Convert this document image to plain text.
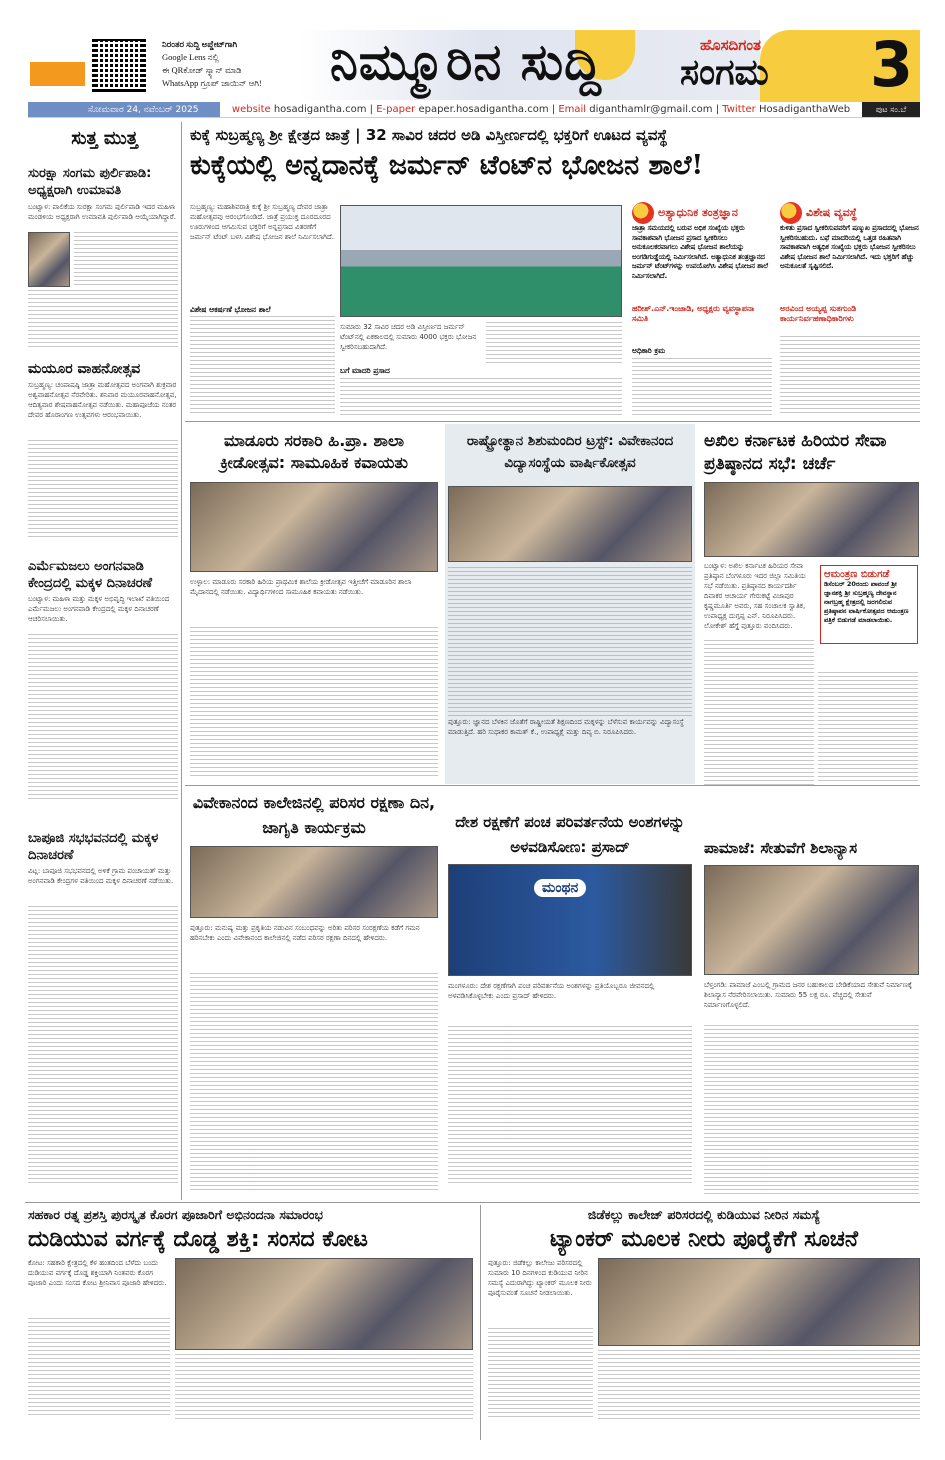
ನಿರಂತರ ಸುದ್ದಿ ಅಪ್ಡೇಟ್‌ಗಾಗಿ
Google Lens ನಲ್ಲಿ
ಈ QRಕೋಡ್ ಸ್ಕ್ಯಾನ್ ಮಾಡಿ
WhatsApp ಗ್ರೂಪ್ ಜಾಯಿನ್ ಆಗಿ!	ನಿಮ್ಮೂರಿನ ಸುದ್ದಿ	ಹೊಸದಿಗಂತ
ಸಂಗಮ 3
ಸೋಮವಾರ 24, ನವೆಂಬರ್ 2025	website hosadigantha.com | E-paper epaper.hosadigantha.com | Email diganthamlr@gmail.com | Twitter HosadiganthaWeb	ಪುಟ ಸಂ.ಬೆ
ಸುತ್ತ ಮುತ್ತ
ಸುರಕ್ಷಾ ಸಂಗಮ ಪುರ್ಲಿಪಾಡಿ: ಅಧ್ಯಕ್ಷರಾಗಿ ಉಮಾವತಿ
ಬಂಟ್ವಾಳ: ಪಾಲಿಕೆಯ ಸುರಕ್ಷಾ ಸಂಗಮ ಪುರ್ಲಿಪಾಡಿ ಇದರ ಮಹಿಳಾ ಮಂಡಳಿಯ ಅಧ್ಯಕ್ಷರಾಗಿ ಉಮಾವತಿ ಪುರ್ಲಿಪಾಡಿ ಆಯ್ಕೆಯಾಗಿದ್ದಾರೆ.
ಮಯೂರ ವಾಹನೋತ್ಸವ
ಸುಬ್ರಹ್ಮಣ್ಯ: ಚಂಪಾಷಷ್ಠಿ ಜಾತ್ರಾ ಮಹೋತ್ಸವದ ಅಂಗವಾಗಿ ಶುಕ್ರವಾರ ಅಶ್ವವಾಹನೋತ್ಸವ ನೆರವೇರಿತು. ಶನಿವಾರ ಮಯೂರವಾಹನೋತ್ಸವ, ಆದಿತ್ಯವಾರ ಶೇಷವಾಹನೋತ್ಸವ ನಡೆಯಿತು. ಮಹಾಪೂಜೆಯ ನಂತರ ದೇವರ ಹೊರಾಂಗಣ ಉತ್ಸವಗಳು ಆರಂಭವಾಯಿತು.
ಎರ್ಮೆಮಜಲು ಅಂಗನವಾಡಿ ಕೇಂದ್ರದಲ್ಲಿ ಮಕ್ಕಳ ದಿನಾಚರಣೆ
ಬಂಟ್ವಾಳ: ಮಹಿಳಾ ಮತ್ತು ಮಕ್ಕಳ ಅಭಿವೃದ್ಧಿ ಇಲಾಖೆ ವತಿಯಿಂದ ಎರ್ಮೆಮಜಲು ಅಂಗನವಾಡಿ ಕೇಂದ್ರದಲ್ಲಿ ಮಕ್ಕಳ ದಿನಾಚರಣೆ ಆಚರಿಸಲಾಯಿತು.
ಬಾಪೂಜಿ ಸಭಭವನದಲ್ಲಿ ಮಕ್ಕಳ ದಿನಾಚರಣೆ
ವಿಟ್ಲ: ಬಾಪೂಜಿ ಸಭಭವನದಲ್ಲಿ ಅಳಿಕೆ ಗ್ರಾಮ ಪಂಚಾಯತ್ ಮತ್ತು ಅಂಗನವಾಡಿ ಕೇಂದ್ರಗಳ ವತಿಯಿಂದ ಮಕ್ಕಳ ದಿನಾಚರಣೆ ನಡೆಯಿತು.
ಕುಕ್ಕೆ ಸುಬ್ರಹ್ಮಣ್ಯ ಶ್ರೀ ಕ್ಷೇತ್ರದ ಜಾತ್ರೆ | 32 ಸಾವಿರ ಚದರ ಅಡಿ ವಿಸ್ತೀರ್ಣದಲ್ಲಿ ಭಕ್ತರಿಗೆ ಊಟದ ವ್ಯವಸ್ಥೆ
ಕುಕ್ಕೆಯಲ್ಲಿ ಅನ್ನದಾನಕ್ಕೆ ಜರ್ಮನ್ ಟೆಂಟ್‌ನ ಭೋಜನ ಶಾಲೆ!
ಸುಬ್ರಹ್ಮಣ್ಯ: ಮಹಾಶಿವರಾತ್ರಿ ಕುಕ್ಕೆ ಶ್ರೀ ಸುಬ್ರಹ್ಮಣ್ಯ ದೇವರ ಜಾತ್ರಾ ಮಹೋತ್ಸವವು ಆರಂಭಗೊಂಡಿದೆ. ಜಾತ್ರೆ ಪ್ರಯುಕ್ತ ದೂರದೂರದ ಊರುಗಳಿಂದ ಆಗಮಿಸುವ ಭಕ್ತರಿಗೆ ಅನ್ನಪ್ರಸಾದ ವಿತರಣೆಗೆ ಜರ್ಮನ್ ಟೆಂಟ್ ಬಳಸಿ ವಿಶೇಷ ಭೋಜನ ಶಾಲೆ ನಿರ್ಮಿಸಲಾಗಿದೆ.
ವಿಶೇಷ ಆಕರ್ಷಣೆ ಭೋಜನ ಶಾಲೆ
ಸುಮಾರು 32 ಸಾವಿರ ಚದರ ಅಡಿ ವಿಸ್ತೀರ್ಣದ ಜರ್ಮನ್ ಟೆಂಟ್‌ನಲ್ಲಿ ಏಕಕಾಲದಲ್ಲಿ ಸುಮಾರು 4000 ಭಕ್ತರು ಭೋಜನ ಸ್ವೀಕರಿಸಬಹುದಾಗಿದೆ.
ಬಗೆ ಮಾದರಿ ಪ್ರಸಾದ
ಅತ್ಯಾಧುನಿಕ ತಂತ್ರಜ್ಞಾನ
ಜಾತ್ರಾ ಸಮಯದಲ್ಲಿ ಬರುವ ಅಧಿಕ ಸಂಖ್ಯೆಯ ಭಕ್ತರು ಸಾವಕಾಶವಾಗಿ ಭೋಜನ ಪ್ರಸಾದ ಸ್ವೀಕರಿಸಲು ಅನುಕೂಲಕರವಾಗಲು ವಿಶೇಷ ಭೋಜನ ಶಾಲೆಯನ್ನು ಅಂಗಡಿಗುಡ್ಡೆಯಲ್ಲಿ ನಿರ್ಮಿಸಲಾಗಿದೆ. ಅತ್ಯಾಧುನಿಕ ತಂತ್ರಜ್ಞಾನದ ಜರ್ಮನ್ ಟೆಂಟ್‌ಗಳನ್ನು ಉಪಯೋಗಿಸಿ ವಿಶೇಷ ಭೋಜನ ಶಾಲೆ ನಿರ್ಮಿಸಲಾಗಿದೆ.
ಹರೀಶ್.ಎನ್.ಇಂಜಾಡಿ, ಅಧ್ಯಕ್ಷರು ವ್ಯವಸ್ಥಾಪನಾ ಸಮಿತಿ
ವಿಶೇಷ ವ್ಯವಸ್ಥೆ
ಕುಳಿತು ಪ್ರಸಾದ ಸ್ವೀಕರಿಸುವವರಿಗೆ ಷಣ್ಮುಖ ಪ್ರಸಾದದಲ್ಲಿ ಭೋಜನ ಸ್ವೀಕರಿಸಬಹುದು. ಬಫೆ ಮಾದರಿಯಲ್ಲಿ ಒತ್ತಡ ರಹಿತವಾಗಿ ಸಾವಕಾಶವಾಗಿ ಅತ್ಯಧಿಕ ಸಂಖ್ಯೆಯ ಭಕ್ತರು ಭೋಜನ ಸ್ವೀಕರಿಸಲು ವಿಶೇಷ ಭೋಜನ ಶಾಲೆ ನಿರ್ಮಿಸಲಾಗಿದೆ. ಇದು ಭಕ್ತರಿಗೆ ಹೆಚ್ಚು ಅನುಕೂಲತೆ ಸೃಷ್ಟಿಸಲಿದೆ.
ಅರವಿಂದ ಅಯ್ಯಪ್ಪ ಸುತಗುಂಡಿ ಕಾರ್ಯನಿರ್ವಹಣಾಧಿಕಾರಿಗಳು
ಅಧಿಕಾರಿ ಕ್ರಮ
ಮಾಡೂರು ಸರಕಾರಿ ಹಿ.ಪ್ರಾ. ಶಾಲಾ ಕ್ರೀಡೋತ್ಸವ: ಸಾಮೂಹಿಕ ಕವಾಯತು
ಉಳ್ಳಾಲ: ಮಾಡೂರು ಸರಕಾರಿ ಹಿರಿಯ ಪ್ರಾಥಮಿಕ ಶಾಲೆಯ ಕ್ರೀಡೋತ್ಸವ ಇತ್ತೀಚೆಗೆ ಮಾಡೂರಿನ ಶಾಲಾ ಮೈದಾನದಲ್ಲಿ ನಡೆಯಿತು. ವಿದ್ಯಾರ್ಥಿಗಳಿಂದ ಸಾಮೂಹಿಕ ಕವಾಯತು ನಡೆಯಿತು.
ರಾಷ್ಟ್ರೋತ್ಥಾನ ಶಿಶುಮಂದಿರ ಟ್ರಸ್ಟ್: ವಿವೇಕಾನಂದ ವಿದ್ಯಾಸಂಸ್ಥೆಯ ವಾರ್ಷಿಕೋತ್ಸವ
ಪುತ್ತೂರು: ಜ್ಞಾನದ ಬೆಳಕಿನ ಜೊತೆಗೆ ರಾಷ್ಟ್ರೀಯತೆ ಶಿಕ್ಷಣದಿಂದ ಮಕ್ಕಳನ್ನು ಬೆಳೆಸುವ ಕಾರ್ಯವನ್ನು ವಿದ್ಯಾಸಂಸ್ಥೆ ಮಾಡುತ್ತಿದೆ. ಹರಿ ಸುಧಾಕರ ಕಾಮತ್ ಕೆ., ಉಪಾಧ್ಯಕ್ಷೆ ಮತ್ತು ದಿವ್ಯ ಬಿ. ನಿರೂಪಿಸಿದರು.
ಅಖಿಲ ಕರ್ನಾಟಕ ಹಿರಿಯರ ಸೇವಾ ಪ್ರತಿಷ್ಠಾನದ ಸಭೆ: ಚರ್ಚೆ
ಬಂಟ್ವಾಳ: ಅಖಿಲ ಕರ್ನಾಟಕ ಹಿರಿಯರ ಸೇವಾ ಪ್ರತಿಷ್ಠಾನ ಬೆಂಗಳೂರು ಇದರ ಜಿಲ್ಲಾ ಸಮಿತಿಯ ಸಭೆ ನಡೆಯಿತು. ಪ್ರತಿಷ್ಠಾನದ ಕಾರ್ಯದರ್ಶಿ ದಿವಾಕರ ಆಚಾರ್ಯ ಗೇರುಕಟ್ಟೆ ವಿಜಾಪುರ ಕೃಷ್ಣಮೂರ್ತಿ ಅವರು, ಸಹ ಸಂಚಾಲಕ ಸ್ವಾತಿಕ, ಉಪಾಧ್ಯಕ್ಷ ದುಗ್ಗಪ್ಪ ಎನ್. ನಿರೂಪಿಸಿದರು. ಲೋಕೇಶ್ ಹೆಗ್ಡೆ ಪುತ್ತೂರು ವಂದಿಸಿದರು.
ಆಮಂತ್ರಣ ಬಿಡುಗಡೆ
ಡಿಸೆಂಬರ್ 20ರಂದು ಪಾವಂಜೆ ಶ್ರೀ ಜ್ಞಾನಶಕ್ತಿ ಶ್ರೀ ಸುಬ್ರಹ್ಮಣ್ಯ ದೇವಸ್ಥಾನ ನಾಗಬ್ರಹ್ಮ ಕ್ಷೇತ್ರದಲ್ಲಿ ಜರಗಲಿರುವ ಪ್ರತಿಷ್ಠಾಪನ ವಾರ್ಷಿಕೋತ್ಸವದ ಆಮಂತ್ರಣ ಪತ್ರಿಕೆ ಬಿಡುಗಡೆ ಮಾಡಲಾಯಿತು.
ವಿವೇಕಾನಂದ ಕಾಲೇಜಿನಲ್ಲಿ ಪರಿಸರ ರಕ್ಷಣಾ ದಿನ, ಜಾಗೃತಿ ಕಾರ್ಯಕ್ರಮ
ಪುತ್ತೂರು: ಮನುಷ್ಯ ಮತ್ತು ಪ್ರಕೃತಿಯ ನಡುವಿನ ಸಂಬಂಧವನ್ನು ಅರಿತು ಪರಿಸರ ಸಂರಕ್ಷಣೆಯ ಕಡೆಗೆ ಗಮನ ಹರಿಸಬೇಕು ಎಂದು ವಿವೇಕಾನಂದ ಕಾಲೇಜಿನಲ್ಲಿ ನಡೆದ ಪರಿಸರ ರಕ್ಷಣಾ ದಿನದಲ್ಲಿ ಹೇಳಿದರು.
ದೇಶ ರಕ್ಷಣೆಗೆ ಪಂಚ ಪರಿವರ್ತನೆಯ ಅಂಶಗಳನ್ನು ಅಳವಡಿಸೋಣ: ಪ್ರಸಾದ್
ಮಂಥನ
ಮಂಗಳೂರು: ದೇಶ ರಕ್ಷಣೆಗಾಗಿ ಪಂಚ ಪರಿವರ್ತನೆಯ ಅಂಶಗಳನ್ನು ಪ್ರತಿಯೊಬ್ಬರೂ ಜೀವನದಲ್ಲಿ ಅಳವಡಿಸಿಕೊಳ್ಳಬೇಕು ಎಂದು ಪ್ರಸಾದ್ ಹೇಳಿದರು.
ಪಾಮಾಜೆ: ಸೇತುವೆಗೆ ಶಿಲಾನ್ಯಾಸ
ಬೆಳ್ತಂಗಡಿ: ಪಾಮಾಜೆ ಎಂಬಲ್ಲಿ ಗ್ರಾಮದ ಜನರ ಬಹುಕಾಲದ ಬೇಡಿಕೆಯಾದ ಸೇತುವೆ ನಿರ್ಮಾಣಕ್ಕೆ ಶಿಲಾನ್ಯಾಸ ನೆರವೇರಿಸಲಾಯಿತು. ಸುಮಾರು 55 ಲಕ್ಷ ರೂ. ವೆಚ್ಚದಲ್ಲಿ ಸೇತುವೆ ನಿರ್ಮಾಣಗೊಳ್ಳಲಿದೆ.
ಸಹಕಾರ ರತ್ನ ಪ್ರಶಸ್ತಿ ಪುರಸ್ಕೃತ ಕೊರಗ ಪೂಜಾರಿಗೆ ಅಭಿನಂದನಾ ಸಮಾರಂಭ
ದುಡಿಯುವ ವರ್ಗಕ್ಕೆ ದೊಡ್ಡ ಶಕ್ತಿ: ಸಂಸದ ಕೋಟ
ಕೋಟ: ಸಹಕಾರಿ ಕ್ಷೇತ್ರದಲ್ಲಿ ಕೆಳ ಹಂತದಿಂದ ಬೆಳೆದು ಬಂದು ದುಡಿಯುವ ವರ್ಗಕ್ಕೆ ದೊಡ್ಡ ಶಕ್ತಿಯಾಗಿ ನಿಂತವರು ಕೊರಗ ಪೂಜಾರಿ ಎಂದು ಸಂಸದ ಕೋಟ ಶ್ರೀನಿವಾಸ ಪೂಜಾರಿ ಹೇಳಿದರು.
ಜಿಡೆಕಲ್ಲು ಕಾಲೇಜ್ ಪರಿಸರದಲ್ಲಿ ಕುಡಿಯುವ ನೀರಿನ ಸಮಸ್ಯೆ
ಟ್ಯಾಂಕರ್ ಮೂಲಕ ನೀರು ಪೂರೈಕೆಗೆ ಸೂಚನೆ
ಪುತ್ತೂರು: ಜಿಡೆಕಲ್ಲು ಕಾಲೇಜು ಪರಿಸರದಲ್ಲಿ ಸುಮಾರು 10 ದಿನಗಳಿಂದ ಕುಡಿಯುವ ನೀರಿನ ಸಮಸ್ಯೆ ಎದುರಾಗಿದ್ದು ಟ್ಯಾಂಕರ್ ಮೂಲಕ ನೀರು ಪೂರೈಸುವಂತೆ ಸೂಚನೆ ನೀಡಲಾಯಿತು.
